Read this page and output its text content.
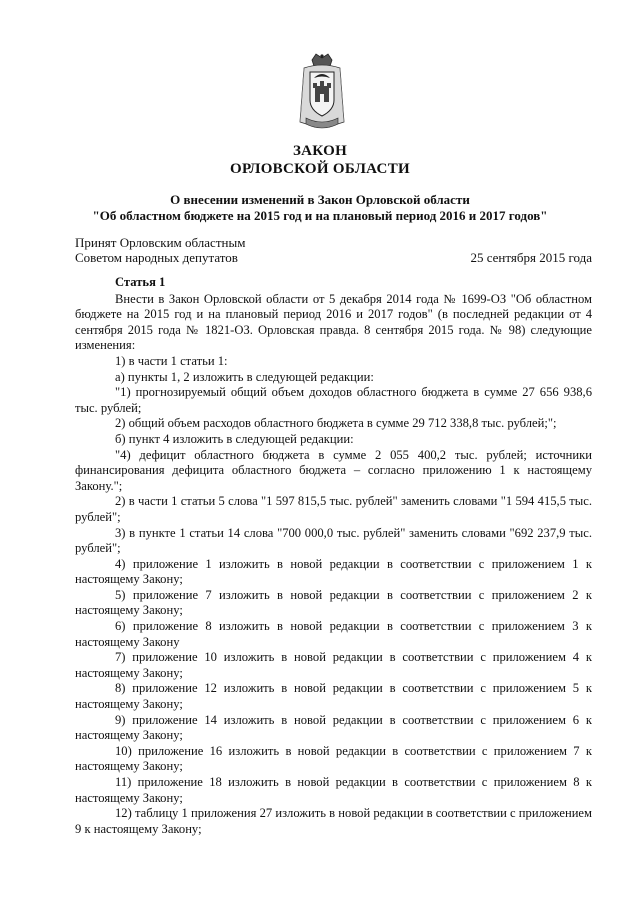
ЗАКОН
ОРЛОВСКОЙ ОБЛАСТИ
О внесении изменений в Закон Орловской области
"Об областном бюджете на 2015 год и на плановый период 2016 и 2017 годов"
Принят Орловским областным
Советом народных депутатов	25 сентября 2015 года

Статья 1

Внести в Закон Орловской области от 5 декабря 2014 года № 1699-ОЗ "Об областном бюджете на 2015 год и на плановый период 2016 и 2017 годов" (в последней редакции от 4 сентября 2015 года № 1821-ОЗ. Орловская правда. 8 сентября 2015 года. № 98) следующие изменения:

1) в части 1 статьи 1:

а) пункты 1, 2 изложить в следующей редакции:

"1) прогнозируемый общий объем доходов областного бюджета в сумме 27 656 938,6 тыс. рублей;

2) общий объем расходов областного бюджета в сумме 29 712 338,8 тыс. рублей;";

б) пункт 4 изложить в следующей редакции:

"4) дефицит областного бюджета в сумме 2 055 400,2 тыс. рублей; источники финансирования дефицита областного бюджета – согласно приложению 1 к настоящему Закону.";

2) в части 1 статьи 5 слова "1 597 815,5 тыс. рублей" заменить словами "1 594 415,5 тыс. рублей";

3) в пункте 1 статьи 14 слова "700 000,0 тыс. рублей" заменить словами "692 237,9 тыс. рублей";

4) приложение 1 изложить в новой редакции в соответствии с приложением 1 к настоящему Закону;

5) приложение 7 изложить в новой редакции в соответствии с приложением 2 к настоящему Закону;

6) приложение 8 изложить в новой редакции в соответствии с приложением 3 к настоящему Закону

7) приложение 10 изложить в новой редакции в соответствии с приложением 4 к настоящему Закону;

8) приложение 12 изложить в новой редакции в соответствии с приложением 5 к настоящему Закону;

9) приложение 14 изложить в новой редакции в соответствии с приложением 6 к настоящему Закону;

10) приложение 16 изложить в новой редакции в соответствии с приложением 7 к настоящему Закону;

11) приложение 18 изложить в новой редакции в соответствии с приложением 8 к настоящему Закону;

12) таблицу 1 приложения 27 изложить в новой редакции в соответствии с приложением 9 к настоящему Закону;
